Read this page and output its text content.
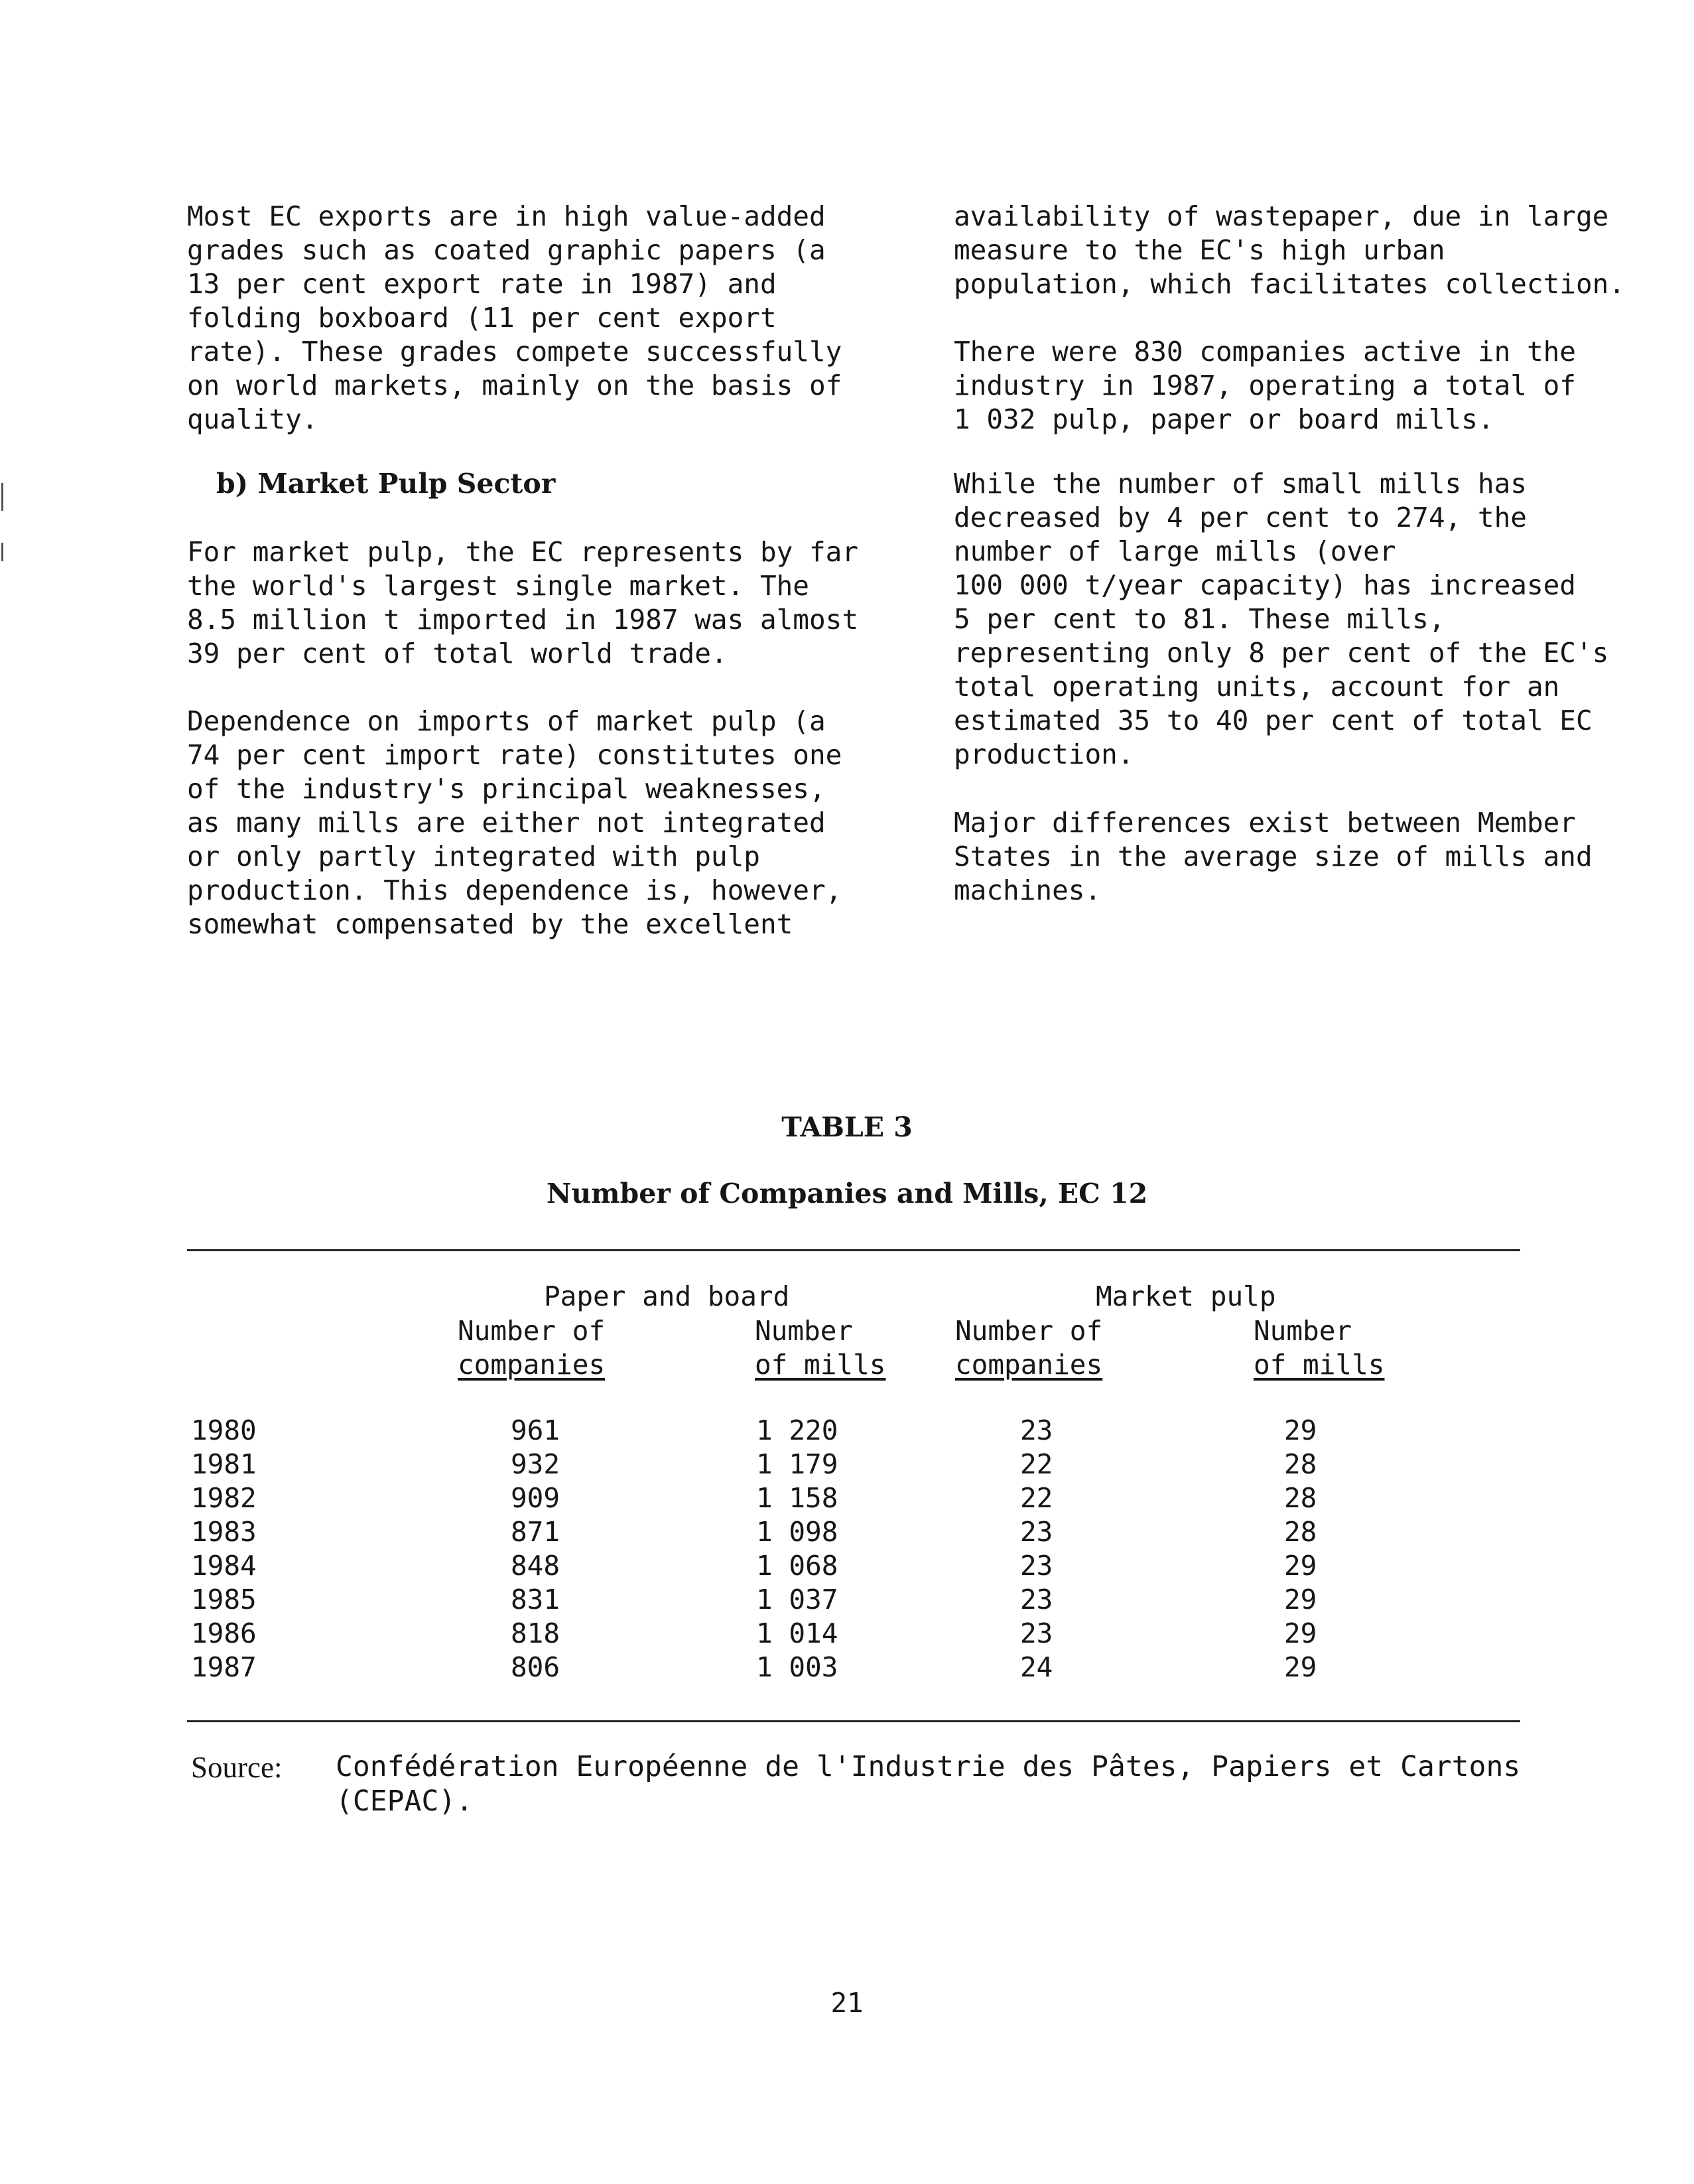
Most EC exports are in high value-added
grades such as coated graphic papers (a
13 per cent export rate in 1987) and
folding boxboard (11 per cent export
rate). These grades compete successfully
on world markets, mainly on the basis of
quality.
b) Market Pulp Sector
For market pulp, the EC represents by far
the world's largest single market. The
8.5 million t imported in 1987 was almost
39 per cent of total world trade.
Dependence on imports of market pulp (a
74 per cent import rate) constitutes one
of the industry's principal weaknesses,
as many mills are either not integrated
or only partly integrated with pulp
production. This dependence is, however,
somewhat compensated by the excellent
availability of wastepaper, due in large
measure to the EC's high urban
population, which facilitates collection.
There were 830 companies active in the
industry in 1987, operating a total of
1 032 pulp, paper or board mills.
While the number of small mills has
decreased by 4 per cent to 274, the
number of large mills (over
100 000 t/year capacity) has increased
5 per cent to 81. These mills,
representing only 8 per cent of the EC's
total operating units, account for an
estimated 35 to 40 per cent of total EC
production.
Major differences exist between Member
States in the average size of mills and
machines.
TABLE 3
Number of Companies and Mills, EC 12
Paper and board	Market pulp
Number of
companies
Number
of mills
Number of
companies
Number
of mills
1980	961	1 220	23	29
1981	932	1 179	22	28
1982	909	1 158	22	28
1983	871	1 098	23	28
1984	848	1 068	23	29
1985	831	1 037	23	29
1986	818	1 014	23	29
1987	806	1 003	24	29
Source: Confédération Européenne de l'Industrie des Pâtes, Papiers et Cartons
(CEPAC).
21
